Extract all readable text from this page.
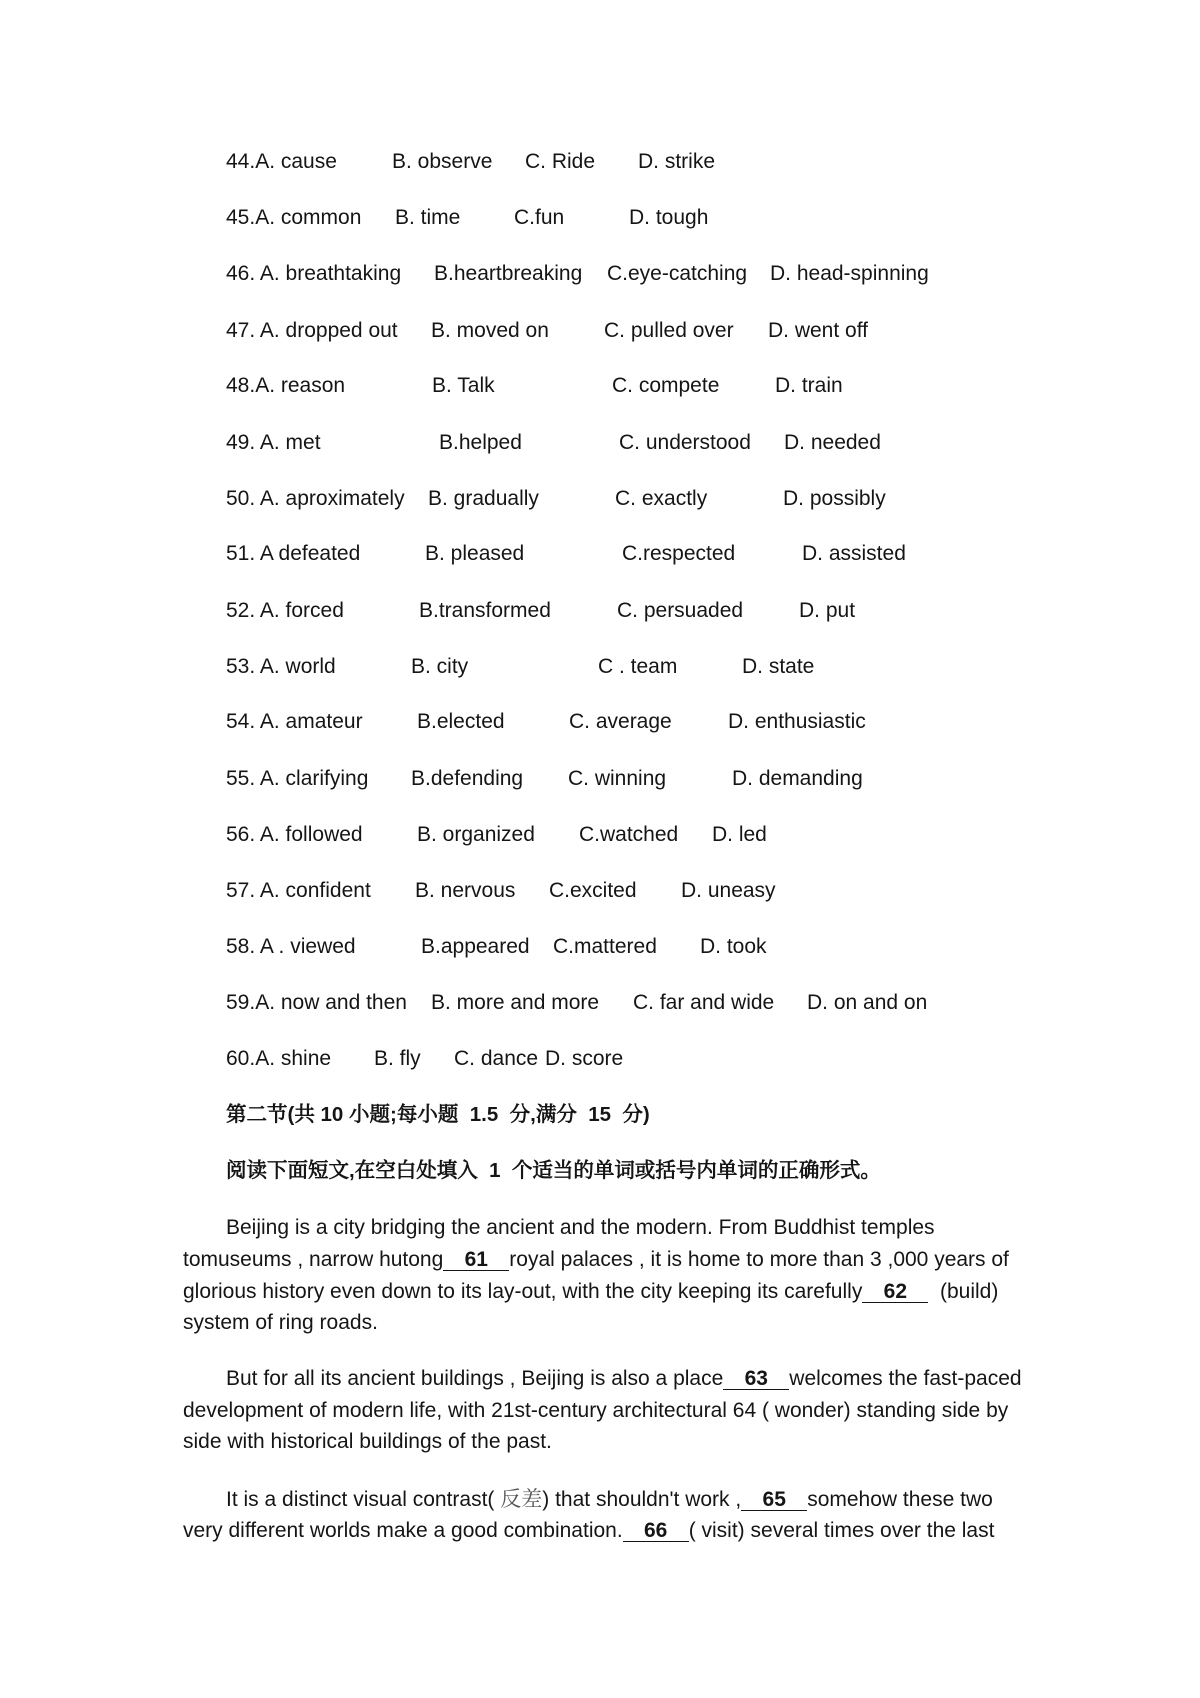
44.A. cause

	B. observe

C. Ride

D. strike

45.A. common

B. time

	C.fun

	D. tough

46. A. breathtaking

B.heartbreaking

C.eye-catching

D. head-spinning

47. A. dropped out

B. moved on

	C. pulled over

D. went off

48.A. reason

	B. Talk

	C. compete

	D. train

49. A. met

	B.helped

	C. understood

D. needed

50. A. aproximately

B. gradually

	C. exactly

	D. possibly

51. A defeated

	B. pleased

	C.respected

	D. assisted

52. A. forced

	B.transformed

	C. persuaded

	D. put

53. A. world

	B. city

	C . team

	D. state

54. A. amateur

	B.elected

	C. average

	D. enthusiastic

55. A. clarifying

B.defending

C. winning

	D. demanding

56. A. followed

	B. organized

C.watched

D. led

57. A. confident

B. nervous

C.excited

D. uneasy

58. A . viewed

	B.appeared

C.mattered

D. took

59.A. now and then

B. more and more

C. far and wide

D. on and on

60.A. shine

B. fly

C. dance

D. score

第二节(共 10 小题;每小题  1.5  分,满分  15  分)
阅读下面短文,在空白处填入  1  个适当的单词或括号内单词的正确形式。
Beijing is a city bridging the ancient and the modern. From Buddhist temples
tomuseums , narrow hutong 61 royal palaces , it is home to more than 3 ,000 years of
glorious history even down to its lay-out, with the city keeping its carefully 62  (build)
system of ring roads.
But for all its ancient buildings , Beijing is also a place 63 welcomes the fast-paced
development of modern life, with 21st-century architectural 64 ( wonder) standing side by
side with historical buildings of the past.
It is a distinct visual contrast( 反差) that shouldn't work , 65 somehow these two
very different worlds make a good combination. 66 ( visit) several times over the last
